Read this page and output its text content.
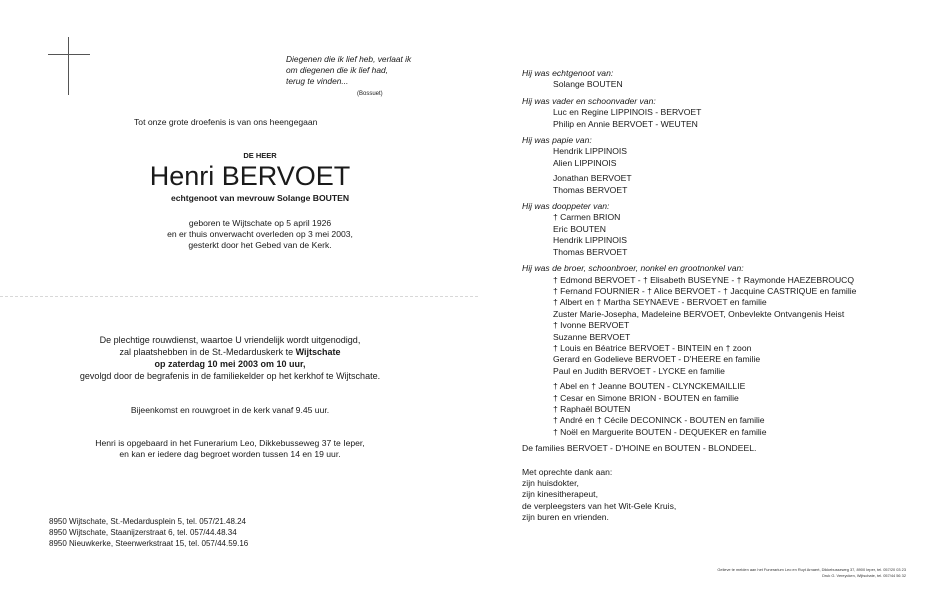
Diegenen die ik lief heb, verlaat ik
om diegenen die ik lief had,
terug te vinden...
(Bossuet)
Tot onze grote droefenis is van ons heengegaan
DE HEER
Henri BERVOET
echtgenoot van mevrouw Solange BOUTEN
geboren te Wijtschate op 5 april 1926
en er thuis onverwacht overleden op 3 mei 2003,
gesterkt door het Gebed van de Kerk.
De plechtige rouwdienst, waartoe U vriendelijk wordt uitgenodigd,
zal plaatshebben in de St.-Medarduskerk te Wijtschate
op zaterdag 10 mei 2003 om 10 uur,
gevolgd door de begrafenis in de familiekelder op het kerkhof te Wijtschate.
Bijeenkomst en rouwgroet in de kerk vanaf 9.45 uur.
Henri is opgebaard in het Funerarium Leo, Dikkebusseweg 37 te Ieper,
en kan er iedere dag begroet worden tussen 14 en 19 uur.
8950 Wijtschate, St.-Medardusplein 5, tel. 057/21.48.24
8950 Wijtschate, Staanijzerstraat 6, tel. 057/44.48.34
8950 Nieuwkerke, Steenwerkstraat 15, tel. 057/44.59.16
Hij was echtgenoot van:
Solange BOUTEN
Hij was vader en schoonvader van:
Luc en Regine LIPPINOIS - BERVOET
Philip en Annie BERVOET - WEUTEN
Hij was papie van:
Hendrik LIPPINOIS
Alien LIPPINOIS
Jonathan BERVOET
Thomas BERVOET
Hij was dooppeter van:
† Carmen BRION
Eric BOUTEN
Hendrik LIPPINOIS
Thomas BERVOET
Hij was de broer, schoonbroer, nonkel en grootnonkel van:
† Edmond BERVOET - † Elisabeth BUSEYNE - † Raymonde HAEZEBROUCQ
† Fernand FOURNIER - † Alice BERVOET - † Jacquine CASTRIQUE en familie
† Albert en † Martha SEYNAEVE - BERVOET en familie
Zuster Marie-Josepha, Madeleine BERVOET, Onbevlekte Ontvangenis Heist
† Ivonne BERVOET
Suzanne BERVOET
† Louis en Béatrice BERVOET - BINTEIN en † zoon
Gerard en Godelieve BERVOET - D'HEERE en familie
Paul en Judith BERVOET - LYCKE en familie
† Abel en † Jeanne BOUTEN - CLYNCKEMAILLIE
† Cesar en Simone BRION - BOUTEN en familie
† Raphaël BOUTEN
† André en † Cécile DECONINCK - BOUTEN en familie
† Noël en Marguerite BOUTEN - DEQUEKER en familie
De families BERVOET - D'HOINE en BOUTEN - BLONDEEL.
Met oprechte dank aan:
zijn huisdokter,
zijn kinesitherapeut,
de verpleegsters van het Wit-Gele Kruis,
zijn buren en vrienden.
Gelieve te melden aan het Funerarium Leo en Ruyt Arnaert, Dikkebusseweg 37, 8900 Ieper, tel. 057/20 03 23
Druk G. Vereycken, Wijtschate, tel. 057/44 56 32
